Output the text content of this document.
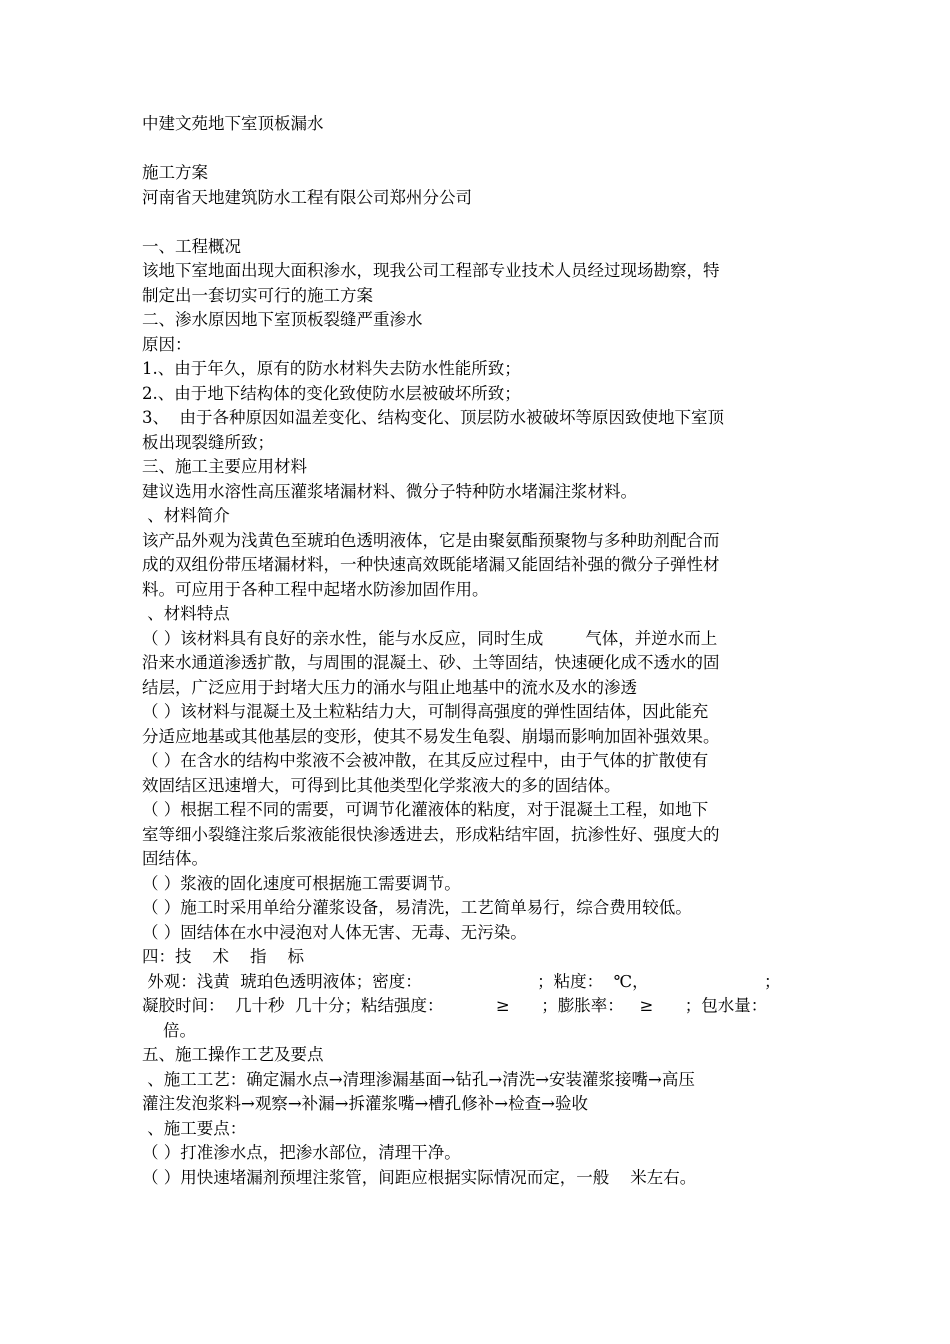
中建文苑地下室顶板漏水
施工方案
河南省天地建筑防水工程有限公司郑州分公司
一、工程概况
该地下室地面出现大面积渗水，现我公司工程部专业技术人员经过现场勘察，特
制定出一套切实可行的施工方案
二、渗水原因地下室顶板裂缝严重渗水
原因：
1.、由于年久，原有的防水材料失去防水性能所致；
2.、由于地下结构体的变化致使防水层被破坏所致；
3、  由于各种原因如温差变化、结构变化、顶层防水被破坏等原因致使地下室顶
板出现裂缝所致；
三、施工主要应用材料
建议选用水溶性高压灌浆堵漏材料、微分子特种防水堵漏注浆材料。
、材料简介
该产品外观为浅黄色至琥珀色透明液体，它是由聚氨酯预聚物与多种助剂配合而
成的双组份带压堵漏材料，一种快速高效既能堵漏又能固结补强的微分子弹性材
料。可应用于各种工程中起堵水防渗加固作用。
、材料特点
（ ）该材料具有良好的亲水性，能与水反应，同时生成        气体，并逆水而上
沿来水通道渗透扩散，与周围的混凝土、砂、土等固结，快速硬化成不透水的固
结层，广泛应用于封堵大压力的涌水与阻止地基中的流水及水的渗透
（ ）该材料与混凝土及土粒粘结力大，可制得高强度的弹性固结体，因此能充
分适应地基或其他基层的变形，使其不易发生龟裂、崩塌而影响加固补强效果。
（ ）在含水的结构中浆液不会被冲散，在其反应过程中，由于气体的扩散使有
效固结区迅速增大，可得到比其他类型化学浆液大的多的固结体。
（ ）根据工程不同的需要，可调节化灌液体的粘度，对于混凝土工程，如地下
室等细小裂缝注浆后浆液能很快渗透进去，形成粘结牢固，抗渗性好、强度大的
固结体。
（ ）浆液的固化速度可根据施工需要调节。
（ ）施工时采用单给分灌浆设备，易清洗，工艺简单易行，综合费用较低。
（ ）固结体在水中浸泡对人体无害、无毒、无污染。
四：技    术    指    标
外观：浅黄  琥珀色透明液体；密度：                      ；粘度：  ℃，                      ；
凝胶时间：  几十秒  几十分；粘结强度：          ≥      ；膨胀率：   ≥      ；包水量：
倍。
五、施工操作工艺及要点
、施工工艺：确定漏水点→清理渗漏基面→钻孔→清洗→安装灌浆接嘴→高压
灌注发泡浆料→观察→补漏→拆灌浆嘴→槽孔修补→检查→验收
、施工要点：
（ ）打准渗水点，把渗水部位，清理干净。
（ ）用快速堵漏剂预埋注浆管，间距应根据实际情况而定，一般    米左右。
